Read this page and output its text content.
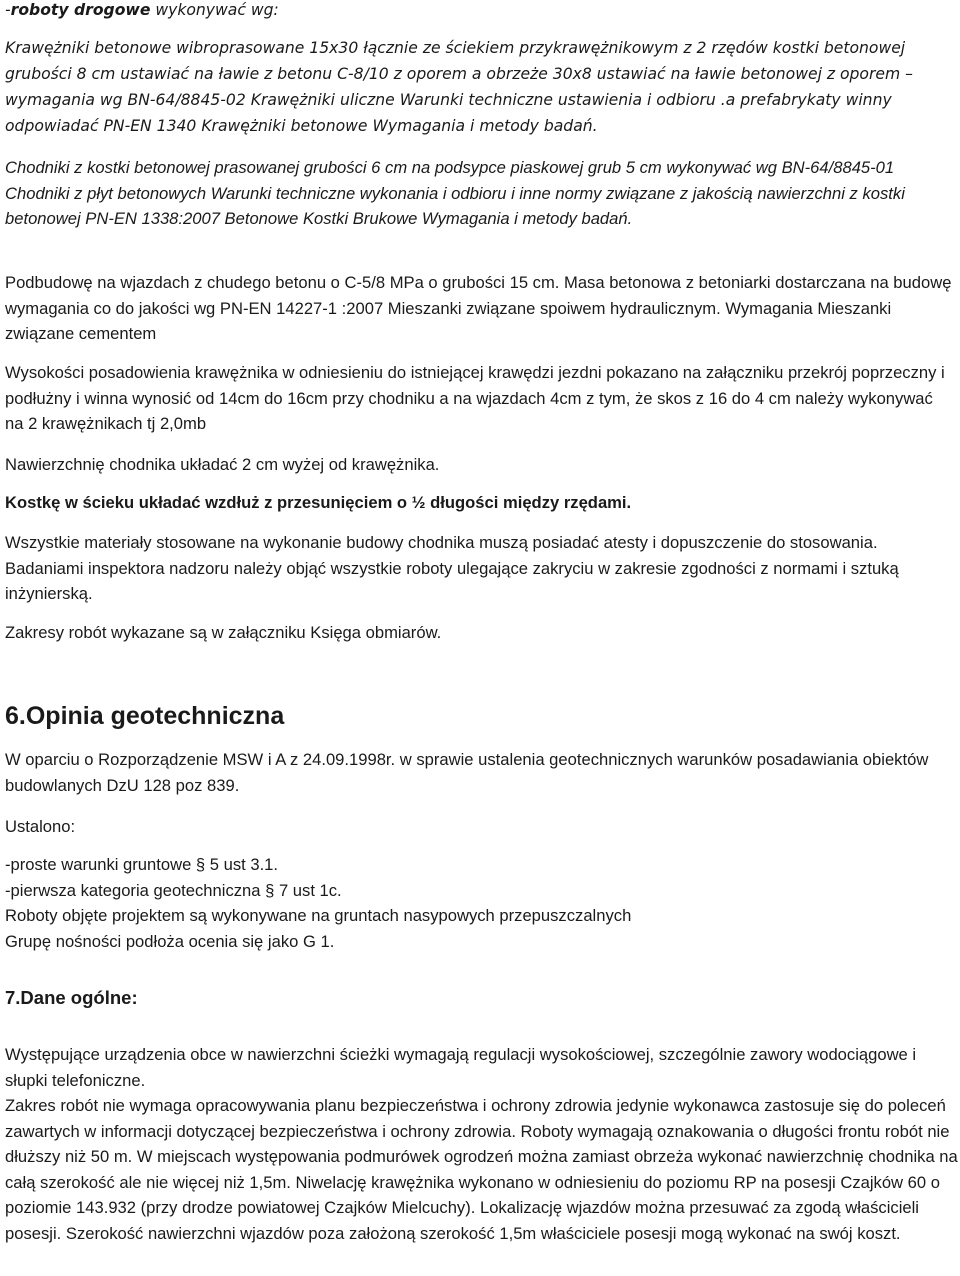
-roboty drogowe wykonywać wg:

Krawężniki betonowe wibroprasowane 15x30 łącznie ze ściekiem przykrawężnikowym z 2 rzędów kostki betonowej grubości 8 cm ustawiać na ławie z betonu C-8/10 z oporem a obrzeże 30x8 ustawiać na ławie betonowej z oporem – wymagania wg BN-64/8845-02 Krawężniki uliczne Warunki techniczne ustawienia i odbioru .a prefabrykaty winny odpowiadać PN-EN 1340 Krawężniki betonowe Wymagania i metody badań.

Chodniki z kostki betonowej prasowanej grubości 6 cm na podsypce piaskowej grub 5 cm wykonywać wg BN-64/8845-01 Chodniki z płyt betonowych Warunki techniczne wykonania i odbioru i inne normy związane z jakością nawierzchni z kostki betonowej PN-EN 1338:2007 Betonowe Kostki Brukowe Wymagania i metody badań.

Podbudowę na wjazdach z chudego betonu o C-5/8 MPa o grubości 15 cm. Masa betonowa z betoniarki dostarczana na budowę wymagania co do jakości wg PN-EN 14227-1 :2007 Mieszanki związane spoiwem hydraulicznym. Wymagania Mieszanki związane cementem

Wysokości posadowienia krawężnika w odniesieniu do istniejącej krawędzi jezdni pokazano na załączniku przekrój poprzeczny i podłużny i winna wynosić od 14cm do 16cm przy chodniku a na wjazdach 4cm z tym, że skos z 16 do 4 cm należy wykonywać na 2 krawężnikach tj 2,0mb

Nawierzchnię chodnika układać 2 cm wyżej od krawężnika.

Kostkę w ścieku układać wzdłuż z przesunięciem o ½ długości między rzędami.

Wszystkie materiały stosowane na wykonanie budowy chodnika muszą posiadać atesty i dopuszczenie do stosowania. Badaniami inspektora nadzoru należy objąć wszystkie roboty ulegające zakryciu w zakresie zgodności z normami i sztuką inżynierską.

Zakresy robót wykazane są w załączniku Księga obmiarów.

6.Opinia geotechniczna

W oparciu o Rozporządzenie MSW i A z 24.09.1998r. w sprawie ustalenia geotechnicznych warunków posadawiania obiektów budowlanych DzU 128 poz 839.

Ustalono:

-proste warunki gruntowe § 5 ust 3.1.
-pierwsza kategoria geotechniczna § 7 ust 1c.
Roboty objęte projektem są wykonywane na gruntach nasypowych przepuszczalnych
Grupę nośności podłoża ocenia się jako G 1.
7.Dane ogólne:

Występujące urządzenia obce w nawierzchni ścieżki wymagają regulacji wysokościowej, szczególnie zawory wodociągowe i słupki telefoniczne.

Zakres robót nie wymaga opracowywania planu bezpieczeństwa i ochrony zdrowia jedynie wykonawca zastosuje się do poleceń zawartych w informacji dotyczącej bezpieczeństwa i ochrony zdrowia. Roboty wymagają oznakowania o długości frontu robót nie dłuższy niż 50 m. W miejscach występowania podmurówek ogrodzeń można zamiast obrzeża wykonać nawierzchnię chodnika na całą szerokość ale nie więcej niż 1,5m. Niwelację krawężnika wykonano w odniesieniu do poziomu RP na posesji Czajków 60 o poziomie 143.932 (przy drodze powiatowej Czajków Mielcuchy). Lokalizację wjazdów można przesuwać za zgodą właścicieli posesji. Szerokość nawierzchni wjazdów poza założoną szerokość 1,5m właściciele posesji mogą wykonać na swój koszt.
